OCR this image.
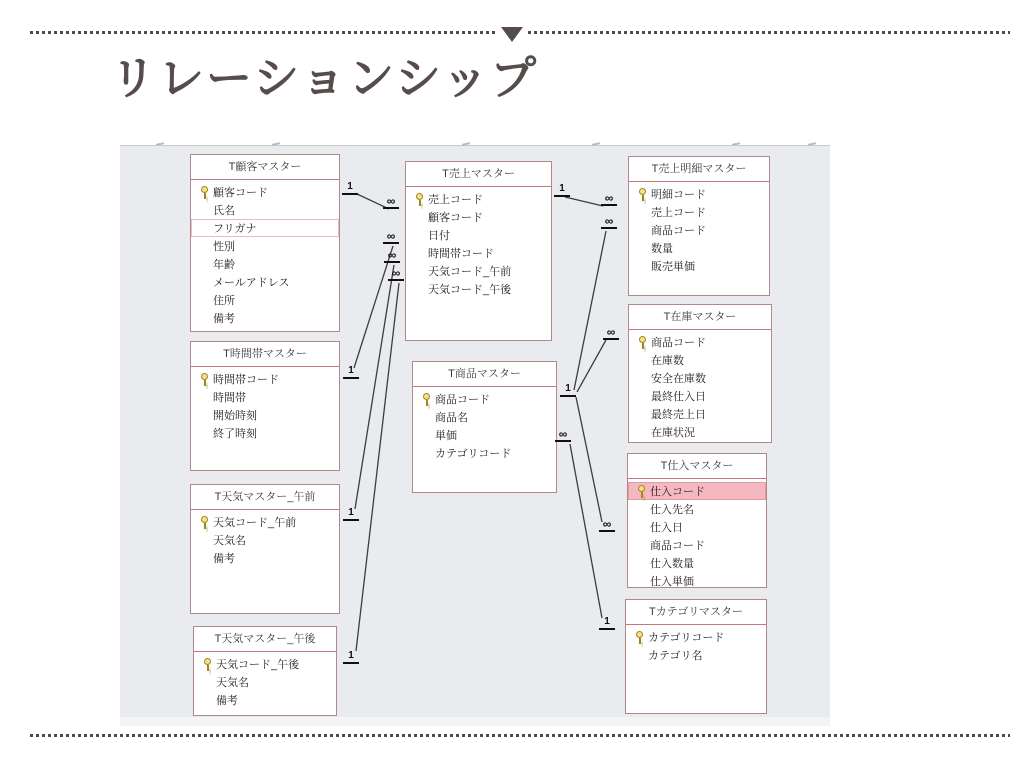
リレーションシップ
T顧客マスター
顧客コード
氏名
フリガナ
性別
年齢
メールアドレス
住所
備考
T時間帯マスター
時間帯コード
時間帯
開始時刻
終了時刻
T天気マスター_午前
天気コード_午前
天気名
備考
T天気マスター_午後
天気コード_午後
天気名
備考
T売上マスター
売上コード
顧客コード
日付
時間帯コード
天気コード_午前
天気コード_午後
T商品マスター
商品コード
商品名
単価
カテゴリコード
T売上明細マスター
明細コード
売上コード
商品コード
数量
販売単価
T在庫マスター
商品コード
在庫数
安全在庫数
最終仕入日
最終売上日
在庫状況
T仕入マスター
仕入コード
仕入先名
仕入日
商品コード
仕入数量
仕入単価
Tカテゴリマスター
カテゴリコード
カテゴリ名
1
∞
1
∞
1
∞
1
∞
1
∞
1
∞
∞
∞
1
∞
